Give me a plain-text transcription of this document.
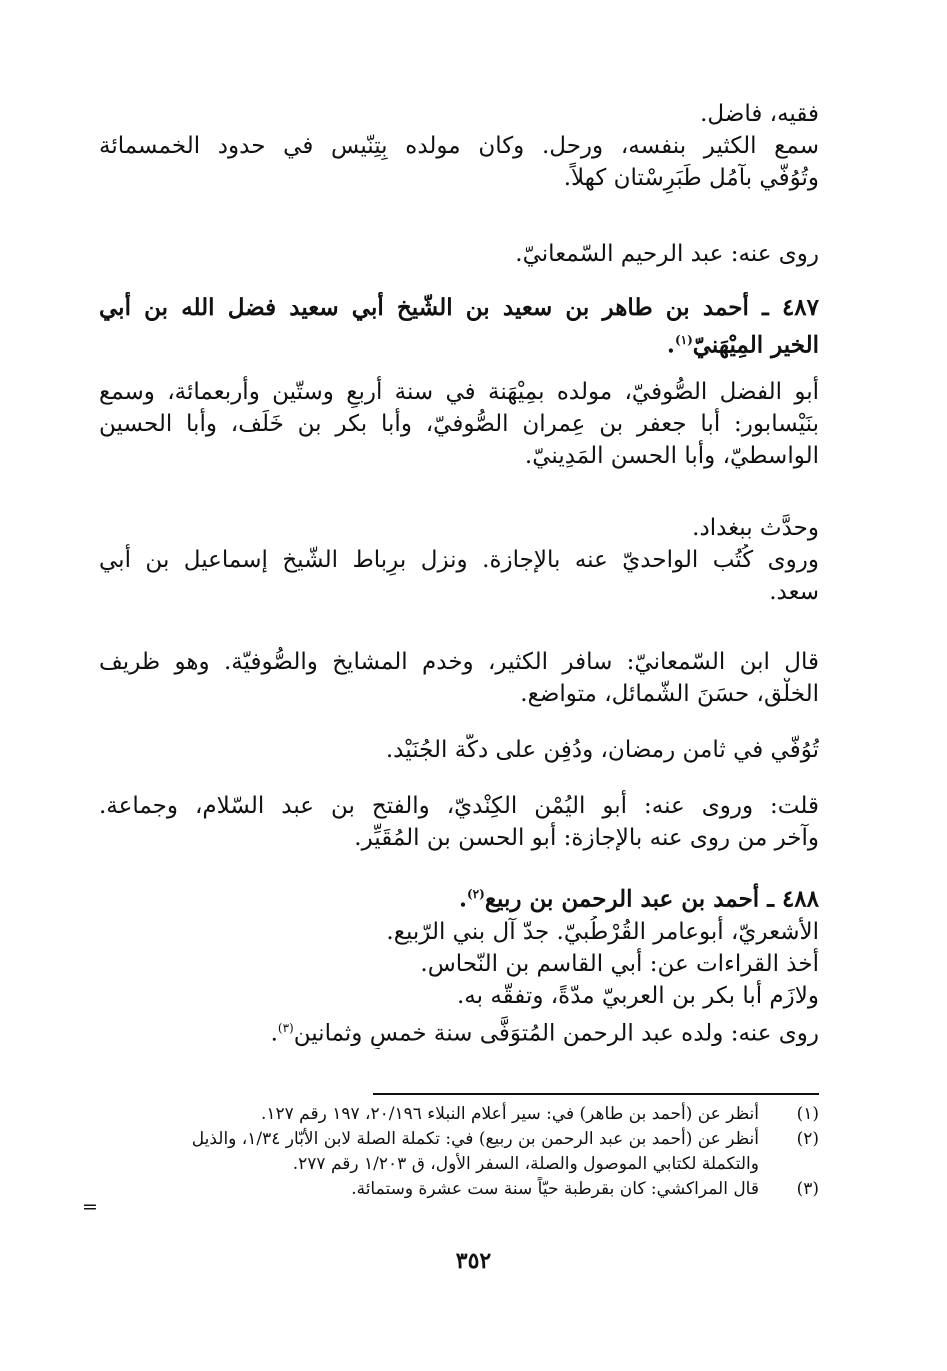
فقيه، فاضل.
سمع الكثير بنفسه، ورحل. وكان مولده بِتِنّيس في حدود الخمسمائة
وتُوُفّي بآمُل طَبَرِسْتان كهلاً.
روى عنه: عبد الرحيم السّمعانيّ.
٤٨٧ ـ أحمد بن طاهر بن سعيد بن الشّيخ أبي سعيد فضل الله بن أبي
الخير المِيْهَنيّ$^{(١)}$.
أبو الفضل الصُّوفيّ، مولده بمِيْهَنة في سنة أربعٍ وستّين وأربعمائة، وسمع
بنَيْسابور: أبا جعفر بن عِمران الصُّوفيّ، وأبا بكر بن خَلَف، وأبا الحسين
الواسطيّ، وأبا الحسن المَدِينيّ.
وحدَّث ببغداد.
وروى كُتُب الواحديّ عنه بالإجازة. ونزل برِباط الشّيخ إسماعيل بن أبي
سعد.
قال ابن السّمعانيّ: سافر الكثير، وخدم المشايخ والصُّوفيّة. وهو ظريف
الخلْق، حسَنَ الشّمائل، متواضع.
تُوُفّي في ثامن رمضان، ودُفِن على دكّة الجُنَيْد.
قلت: وروى عنه: أبو اليُمْن الكِنْديّ، والفتح بن عبد السّلام، وجماعة.
وآخر من روى عنه بالإجازة: أبو الحسن بن المُقَيِّر.
٤٨٨ ـ أحمد بن عبد الرحمن بن ربيع$^{(٢)}$.
الأشعريّ، أبوعامر القُرْطُبيّ. جدّ آل بني الرّبيع.
أخذ القراءات عن: أبي القاسم بن النّحاس.
ولازَم أبا بكر بن العربيّ مدّةً، وتفقّه به.
روى عنه: ولده عبد الرحمن المُتوَفَّى سنة خمسٍ وثمانين$^{(٣)}$.
(١)
أنظر عن (أحمد بن طاهر) في: سير أعلام النبلاء ٢٠/١٩٦، ١٩٧ رقم ١٢٧.
(٢)
أنظر عن (أحمد بن عبد الرحمن بن ربيع) في: تكملة الصلة لابن الأبّار ١/٣٤، والذيل
والتكملة لكتابي الموصول والصلة، السفر الأول، ق ١/٢٠٣ رقم ٢٧٧.
(٣)
قال المراكشي: كان بقرطبة حيّاً سنة ست عشرة وستمائة.
=
٣٥٢
